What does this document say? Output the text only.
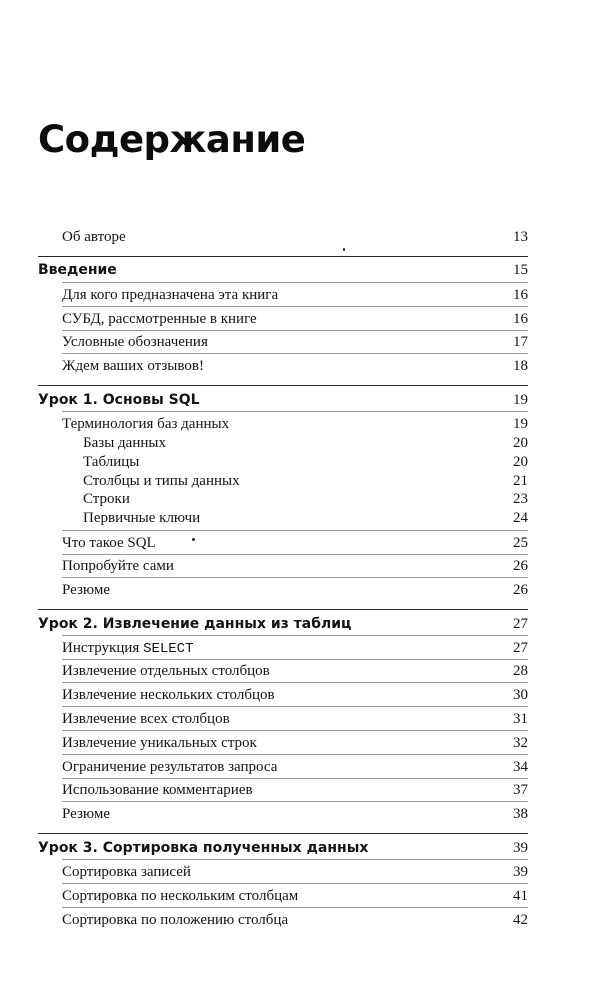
Содержание
Об авторе	13
Введение	15
Для кого предназначена эта книга	16
СУБД, рассмотренные в книге	16
Условные обозначения	17
Ждем ваших отзывов!	18
Урок 1. Основы SQL	19
Терминология баз данных	19
Базы данных	20
Таблицы	20
Столбцы и типы данных	21
Строки	23
Первичные ключи	24
Что такое SQL	25
Попробуйте сами	26
Резюме	26
Урок 2. Извлечение данных из таблиц	27
Инструкция SELECT	27
Извлечение отдельных столбцов	28
Извлечение нескольких столбцов	30
Извлечение всех столбцов	31
Извлечение уникальных строк	32
Ограничение результатов запроса	34
Использование комментариев	37
Резюме	38
Урок 3. Сортировка полученных данных	39
Сортировка записей	39
Сортировка по нескольким столбцам	41
Сортировка по положению столбца	42
